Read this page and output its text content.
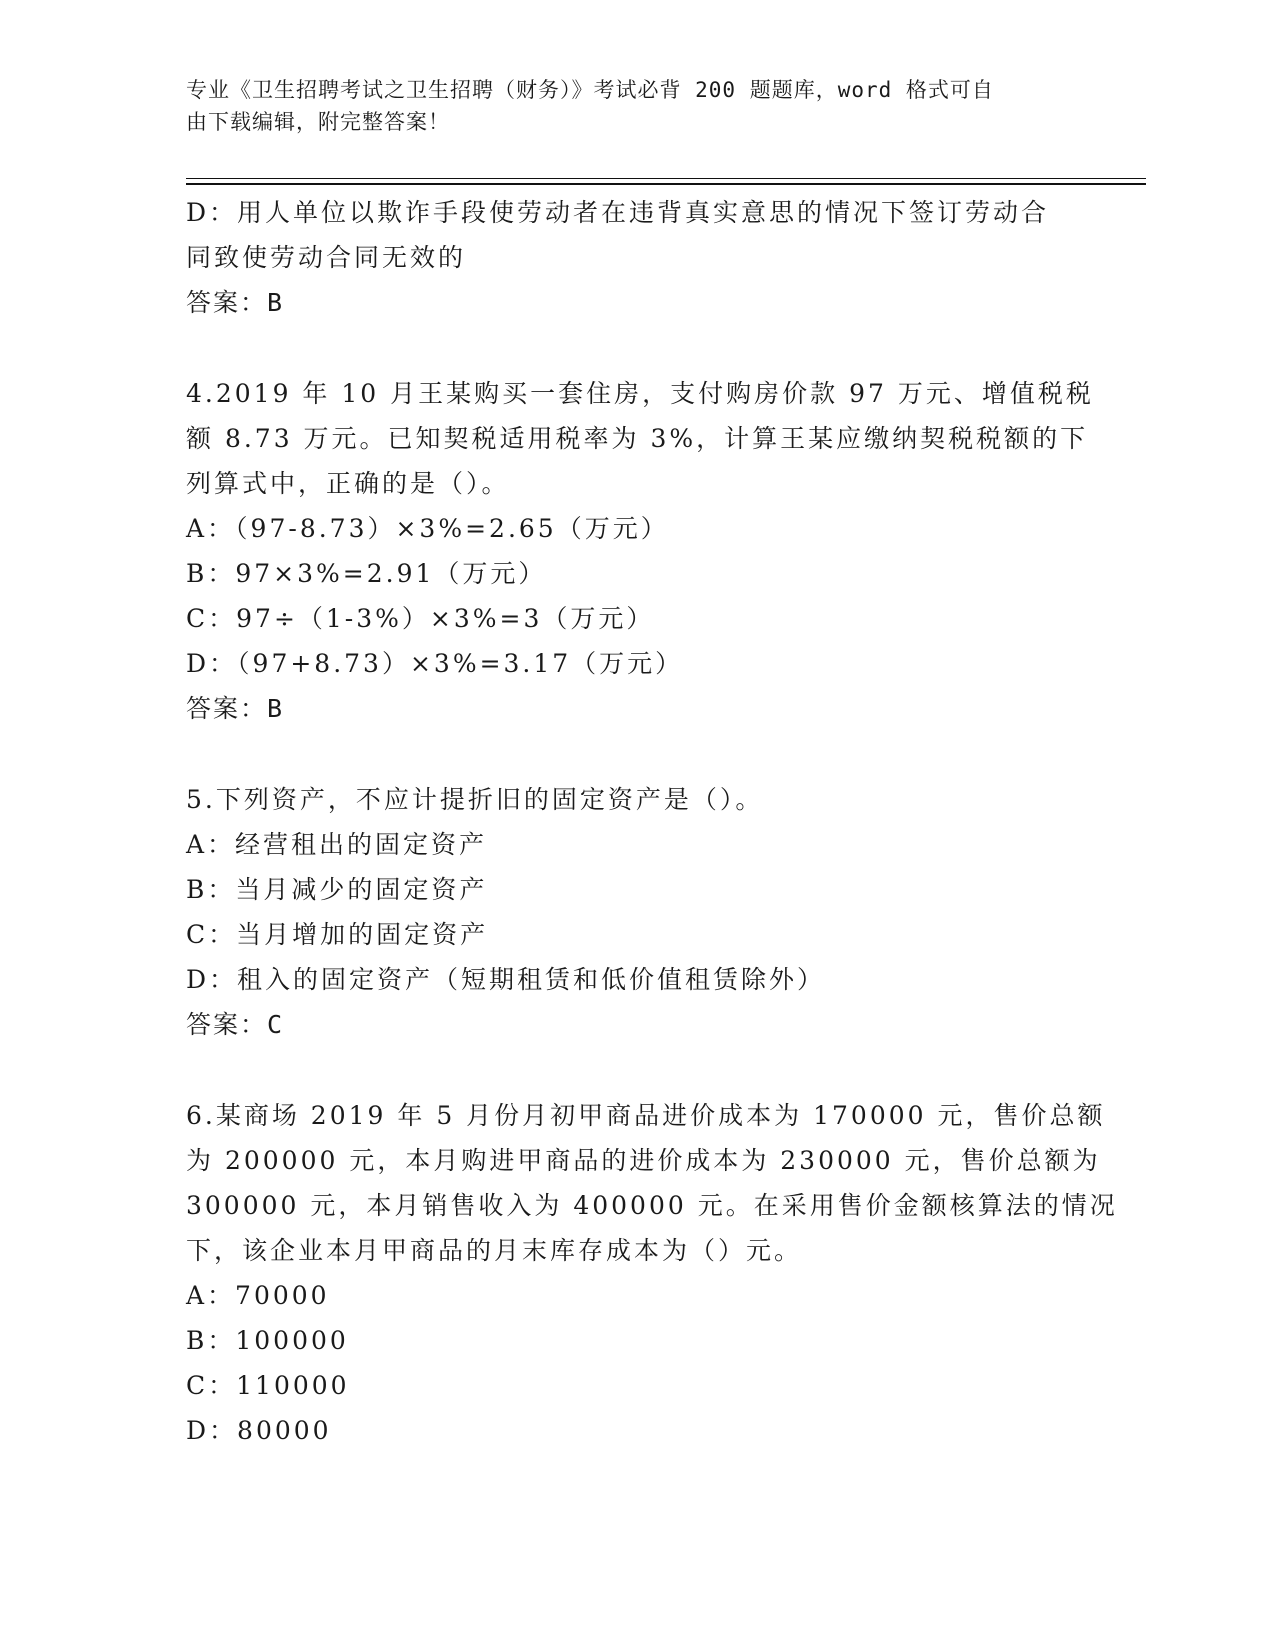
专业《卫生招聘考试之卫生招聘（财务）》考试必背 200 题题库，word 格式可自
由下载编辑，附完整答案！
D：用人单位以欺诈手段使劳动者在违背真实意思的情况下签订劳动合
同致使劳动合同无效的
答案：B
4.2019 年 10 月王某购买一套住房，支付购房价款 97 万元、增值税税
额 8.73 万元。已知契税适用税率为 3%，计算王某应缴纳契税税额的下
列算式中，正确的是（）。
A：（97-8.73）×3%=2.65（万元）
B：97×3%=2.91（万元）
C：97÷（1-3%）×3%=3（万元）
D：（97+8.73）×3%=3.17（万元）
答案：B
5.下列资产，不应计提折旧的固定资产是（）。
A：经营租出的固定资产
B：当月减少的固定资产
C：当月增加的固定资产
D：租入的固定资产（短期租赁和低价值租赁除外）
答案：C
6.某商场 2019 年 5 月份月初甲商品进价成本为 170000 元，售价总额
为 200000 元，本月购进甲商品的进价成本为 230000 元，售价总额为
300000 元，本月销售收入为 400000 元。在采用售价金额核算法的情况
下，该企业本月甲商品的月末库存成本为（）元。
A：70000
B：100000
C：110000
D：80000
